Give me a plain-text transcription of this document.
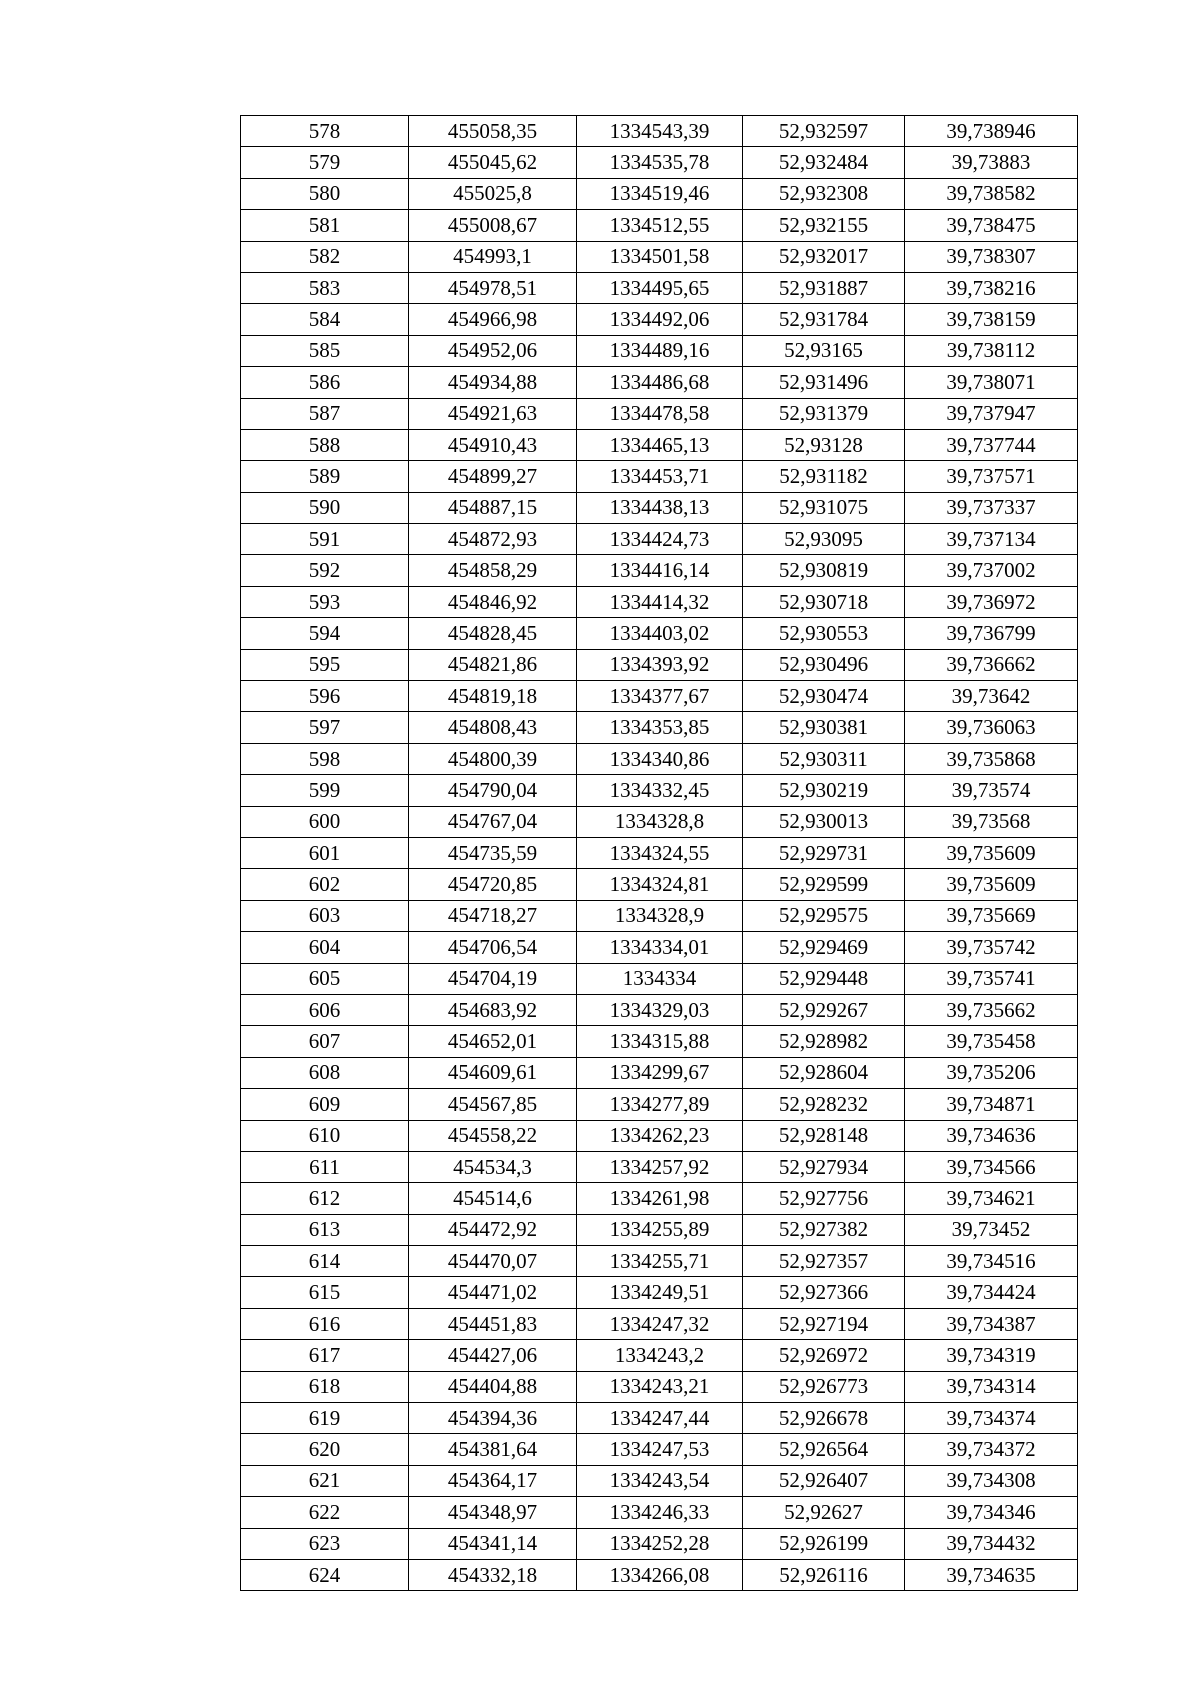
578	455058,35	1334543,39	52,932597	39,738946
579	455045,62	1334535,78	52,932484	39,73883
580	455025,8	1334519,46	52,932308	39,738582
581	455008,67	1334512,55	52,932155	39,738475
582	454993,1	1334501,58	52,932017	39,738307
583	454978,51	1334495,65	52,931887	39,738216
584	454966,98	1334492,06	52,931784	39,738159
585	454952,06	1334489,16	52,93165	39,738112
586	454934,88	1334486,68	52,931496	39,738071
587	454921,63	1334478,58	52,931379	39,737947
588	454910,43	1334465,13	52,93128	39,737744
589	454899,27	1334453,71	52,931182	39,737571
590	454887,15	1334438,13	52,931075	39,737337
591	454872,93	1334424,73	52,93095	39,737134
592	454858,29	1334416,14	52,930819	39,737002
593	454846,92	1334414,32	52,930718	39,736972
594	454828,45	1334403,02	52,930553	39,736799
595	454821,86	1334393,92	52,930496	39,736662
596	454819,18	1334377,67	52,930474	39,73642
597	454808,43	1334353,85	52,930381	39,736063
598	454800,39	1334340,86	52,930311	39,735868
599	454790,04	1334332,45	52,930219	39,73574
600	454767,04	1334328,8	52,930013	39,73568
601	454735,59	1334324,55	52,929731	39,735609
602	454720,85	1334324,81	52,929599	39,735609
603	454718,27	1334328,9	52,929575	39,735669
604	454706,54	1334334,01	52,929469	39,735742
605	454704,19	1334334	52,929448	39,735741
606	454683,92	1334329,03	52,929267	39,735662
607	454652,01	1334315,88	52,928982	39,735458
608	454609,61	1334299,67	52,928604	39,735206
609	454567,85	1334277,89	52,928232	39,734871
610	454558,22	1334262,23	52,928148	39,734636
611	454534,3	1334257,92	52,927934	39,734566
612	454514,6	1334261,98	52,927756	39,734621
613	454472,92	1334255,89	52,927382	39,73452
614	454470,07	1334255,71	52,927357	39,734516
615	454471,02	1334249,51	52,927366	39,734424
616	454451,83	1334247,32	52,927194	39,734387
617	454427,06	1334243,2	52,926972	39,734319
618	454404,88	1334243,21	52,926773	39,734314
619	454394,36	1334247,44	52,926678	39,734374
620	454381,64	1334247,53	52,926564	39,734372
621	454364,17	1334243,54	52,926407	39,734308
622	454348,97	1334246,33	52,92627	39,734346
623	454341,14	1334252,28	52,926199	39,734432
624	454332,18	1334266,08	52,926116	39,734635
